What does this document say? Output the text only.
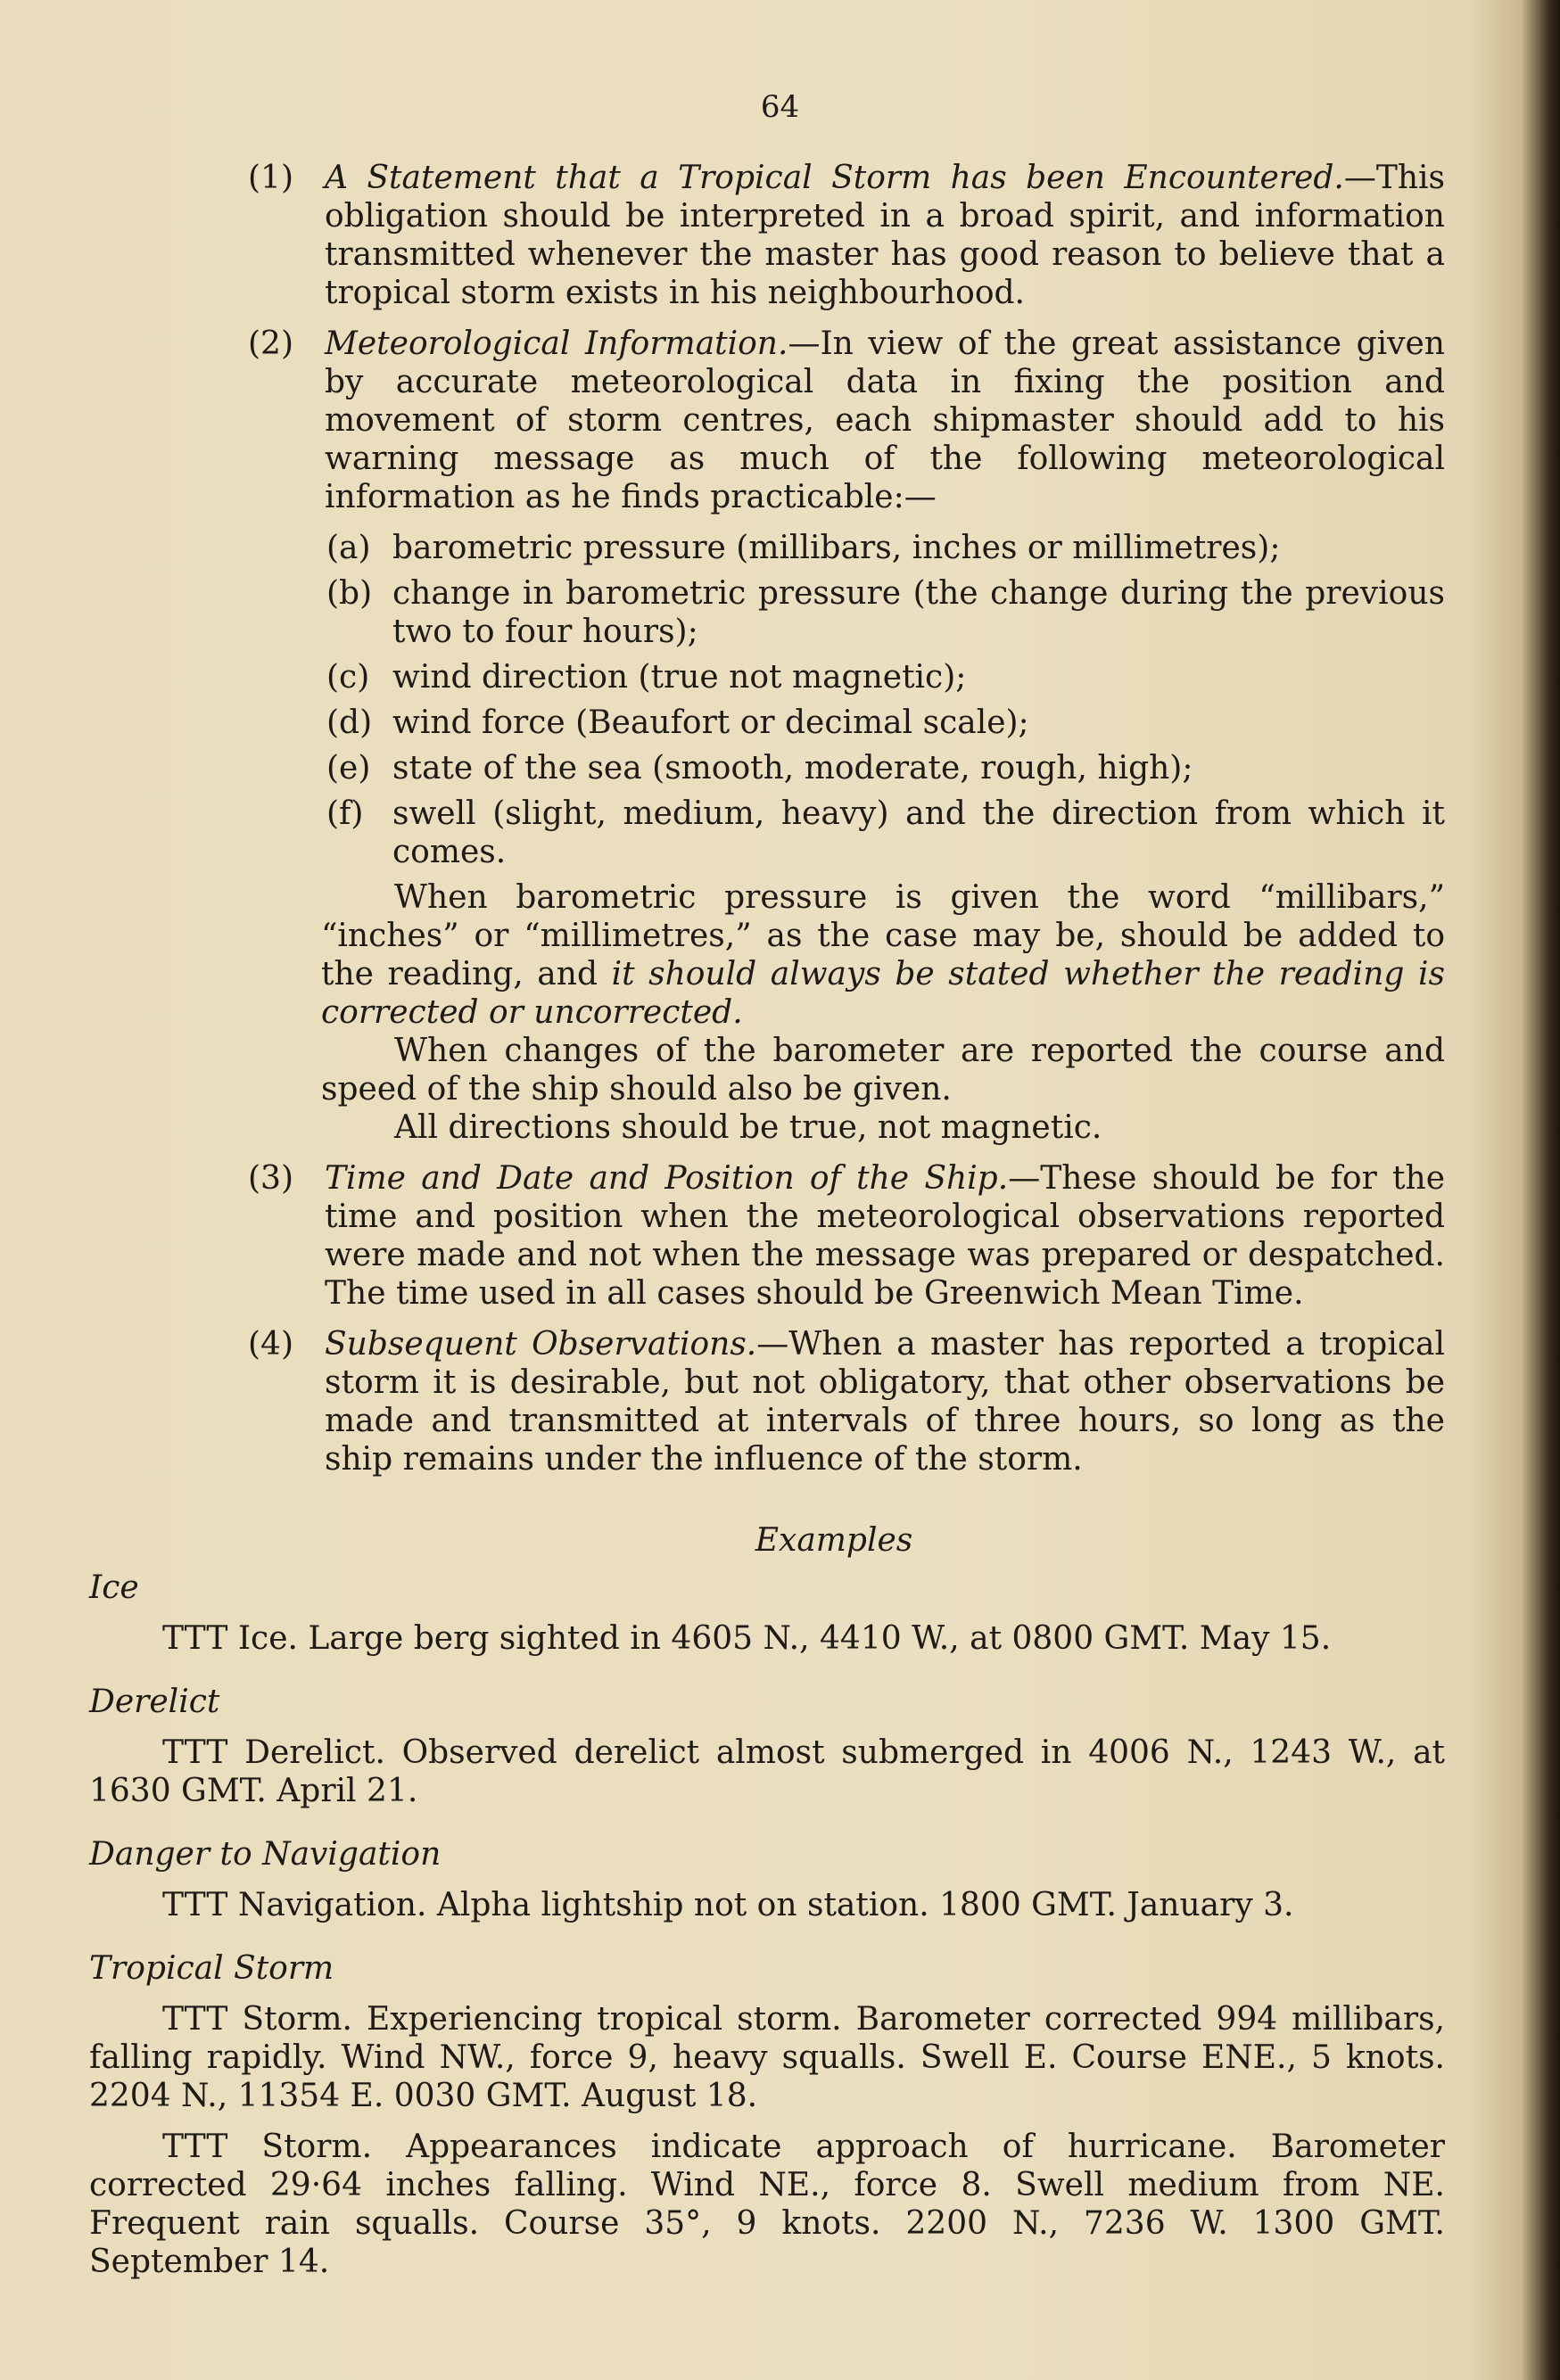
64
(1) A Statement that a Tropical Storm has been Encountered.—This obligation should be interpreted in a broad spirit, and information transmitted whenever the master has good reason to believe that a tropical storm exists in his neighbourhood.
(2) Meteorological Information.—In view of the great assistance given by accurate meteorological data in fixing the position and movement of storm centres, each shipmaster should add to his warning message as much of the following meteorological information as he finds practicable:—
(a) barometric pressure (millibars, inches or millimetres);
(b) change in barometric pressure (the change during the previous two to four hours);
(c) wind direction (true not magnetic);
(d) wind force (Beaufort or decimal scale);
(e) state of the sea (smooth, moderate, rough, high);
(f) swell (slight, medium, heavy) and the direction from which it comes.

When barometric pressure is given the word “millibars,” “inches” or “millimetres,” as the case may be, should be added to the reading, and it should always be stated whether the reading is corrected or uncorrected.

When changes of the barometer are reported the course and speed of the ship should also be given.

All directions should be true, not magnetic.

(3) Time and Date and Position of the Ship.—These should be for the time and position when the meteorological observations reported were made and not when the message was prepared or despatched. The time used in all cases should be Greenwich Mean Time.
(4) Subsequent Observations.—When a master has reported a tropical storm it is desirable, but not obligatory, that other observations be made and transmitted at intervals of three hours, so long as the ship remains under the influence of the storm.
Examples
Ice

TTT Ice. Large berg sighted in 4605 N., 4410 W., at 0800 GMT. May 15.

Derelict

TTT Derelict. Observed derelict almost submerged in 4006 N., 1243 W., at 1630 GMT. April 21.

Danger to Navigation

TTT Navigation. Alpha lightship not on station. 1800 GMT. January 3.

Tropical Storm

TTT Storm. Experiencing tropical storm. Barometer corrected 994 millibars, falling rapidly. Wind NW., force 9, heavy squalls. Swell E. Course ENE., 5 knots. 2204 N., 11354 E. 0030 GMT. August 18.

TTT Storm. Appearances indicate approach of hurricane. Barometer corrected 29·64 inches falling. Wind NE., force 8. Swell medium from NE. Frequent rain squalls. Course 35°, 9 knots. 2200 N., 7236 W. 1300 GMT. September 14.
